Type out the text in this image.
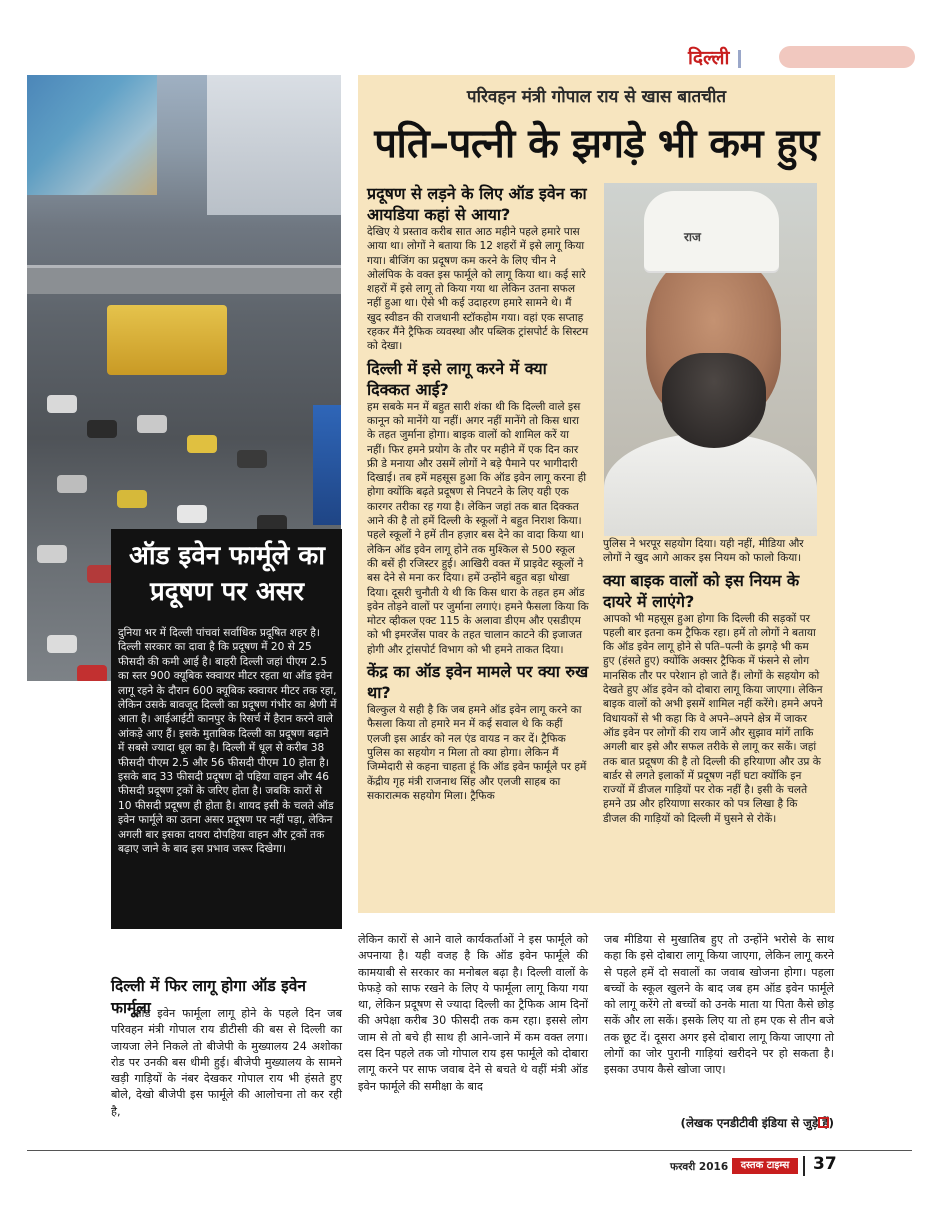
दिल्ली
परिवहन मंत्री गोपाल राय से खास बातचीत
पति–पत्नी के झगड़े भी कम हुए
राज

प्रदूषण से लड़ने के लिए ऑड इवेन का आयडिया कहां से आया?

देखिए ये प्रस्ताव करीब सात आठ महीने पहले हमारे पास आया था। लोगों ने बताया कि 12 शहरों में इसे लागू किया गया। बीजिंग का प्रदूषण कम करने के लिए चीन ने ओलंपिक के वक्त इस फार्मूले को लागू किया था। कई सारे शहरों में इसे लागू तो किया गया था लेकिन उतना सफल नहीं हुआ था। ऐसे भी कई उदाहरण हमारे सामने थे। मैं खुद स्वीडन की राजधानी स्टॉकहोम गया। वहां एक सप्ताह रहकर मैंने ट्रैफिक व्यवस्था और पब्लिक ट्रांसपोर्ट के सिस्टम को देखा।

दिल्ली में इसे लागू करने में क्या दिक्कत आई?

हम सबके मन में बहुत सारी शंका थी कि दिल्ली वाले इस कानून को मानेंगे या नहीं। अगर नहीं मानेंगे तो किस धारा के तहत जुर्माना होगा। बाइक वालों को शामिल करें या नहीं। फिर हमने प्रयोग के तौर पर महीने में एक दिन कार फ्री डे मनाया और उसमें लोगों ने बड़े पैमाने पर भागीदारी दिखाई। तब हमें महसूस हुआ कि ऑड इवेन लागू करना ही होगा क्योंकि बढ़ते प्रदूषण से निपटने के लिए यही एक कारगर तरीका रह गया है। लेकिन जहां तक बात दिक्कत आने की है तो हमें दिल्ली के स्कूलों ने बहुत निराश किया। पहले स्कूलों ने हमें तीन हज़ार बस देने का वादा किया था। लेकिन ऑड इवेन लागू होने तक मुश्किल से 500 स्कूल की बसें ही रजिस्टर हुई। आखिरी वक्त में प्राइवेट स्कूलों ने बस देने से मना कर दिया। हमें उन्होंने बहुत बड़ा धोखा दिया। दूसरी चुनौती ये थी कि किस धारा के तहत हम ऑड इवेन तोड़ने वालों पर जुर्माना लगाएं। हमने फैसला किया कि मोटर व्हीकल एक्ट 115 के अलावा डीएम और एसडीएम को भी इमरजेंस पावर के तहत चालान काटने की इजाजत होगी और ट्रांसपोर्ट विभाग को भी हमने ताकत दिया।

केंद्र का ऑड इवेन मामले पर क्या रुख था?

बिल्कुल ये सही है कि जब हमने ऑड इवेन लागू करने का फैसला किया तो हमारे मन में कई सवाल थे कि कहीं एलजी इस आर्डर को नल एंड वायड न कर दें। ट्रैफिक पुलिस का सहयोग न मिला तो क्या होगा। लेकिन मैं जिम्मेदारी से कहना चाहता हूं कि ऑड इवेन फार्मूले पर हमें केंद्रीय गृह मंत्री राजनाथ सिंह और एलजी साहब का सकारात्मक सहयोग मिला। ट्रैफिक

पुलिस ने भरपूर सहयोग दिया। यही नहीं, मीडिया और लोगों ने खुद आगे आकर इस नियम को फालो किया।

क्या बाइक वालों को इस नियम के दायरे में लाएंगे?

आपको भी महसूस हुआ होगा कि दिल्ली की सड़कों पर पहली बार इतना कम ट्रैफिक रहा। हमें तो लोगों ने बताया कि ऑड इवेन लागू होने से पति–पत्नी के झगड़े भी कम हुए (हंसते हुए) क्योंकि अक्सर ट्रैफिक में फंसने से लोग मानसिक तौर पर परेशान हो जाते हैं। लोगों के सहयोग को देखते हुए ऑड इवेन को दोबारा लागू किया जाएगा। लेकिन बाइक वालों को अभी इसमें शामिल नहीं करेंगे। हमने अपने विधायकों से भी कहा कि वे अपने–अपने क्षेत्र में जाकर ऑड इवेन पर लोगों की राय जानें और सुझाव मांगें ताकि अगली बार इसे और सफल तरीके से लागू कर सकें। जहां तक बात प्रदूषण की है तो दिल्ली की हरियाणा और उप्र के बार्डर से लगते इलाकों में प्रदूषण नहीं घटा क्योंकि इन राज्यों में डीजल गाड़ियों पर रोक नहीं है। इसी के चलते हमने उप्र और हरियाणा सरकार को पत्र लिखा है कि डीजल की गाड़ियों को दिल्ली में घुसने से रोकें।

ऑड इवेन फार्मूले का प्रदूषण पर असर
दुनिया भर में दिल्ली पांचवां सर्वाधिक प्रदूषित शहर है। दिल्ली सरकार का दावा है कि प्रदूषण में 20 से 25 फीसदी की कमी आई है। बाहरी दिल्ली जहां पीएम 2.5 का स्तर 900 क्यूबिक स्क्वायर मीटर रहता था ऑड इवेन लागू रहने के दौरान 600 क्यूबिक स्क्वायर मीटर तक रहा, लेकिन उसके बावजूद दिल्ली का प्रदूषण गंभीर का श्रेणी में आता है। आईआईटी कानपुर के रिसर्च में हैरान करने वाले आंकड़े आए हैं। इसके मुताबिक दिल्ली का प्रदूषण बढ़ाने में सबसे ज्यादा धूल का है। दिल्ली में धूल से करीब 38 फीसदी पीएम 2.5 और 56 फीसदी पीएम 10 होता है। इसके बाद 33 फीसदी प्रदूषण दो पहिया वाहन और 46 फीसदी प्रदूषण ट्रकों के जरिए होता है। जबकि कारों से 10 फीसदी प्रदूषण ही होता है। शायद इसी के चलते ऑड इवेन फार्मूले का उतना असर प्रदूषण पर नहीं पड़ा, लेकिन अगली बार इसका दायरा दोपहिया वाहन और ट्रकों तक बढ़ाए जाने के बाद इस प्रभाव जरूर दिखेगा।
दिल्ली में फिर लागू होगा ऑड इवेन फार्मूला
ऑड इवेन फार्मूला लागू होने के पहले दिन जब परिवहन मंत्री गोपाल राय डीटीसी की बस से दिल्ली का जायजा लेने निकले तो बीजेपी के मुख्यालय 24 अशोका रोड पर उनकी बस धीमी हुई। बीजेपी मुख्यालय के सामने खड़ी गाड़ियों के नंबर देखकर गोपाल राय भी हंसते हुए बोले, देखो बीजेपी इस फार्मूले की आलोचना तो कर रही है,
लेकिन कारों से आने वाले कार्यकर्ताओं ने इस फार्मूले को अपनाया है। यही वजह है कि ऑड इवेन फार्मूले की कामयाबी से सरकार का मनोबल बढ़ा है। दिल्ली वालों के फेफड़े को साफ रखने के लिए ये फार्मूला लागू किया गया था, लेकिन प्रदूषण से ज्यादा दिल्ली का ट्रैफिक आम दिनों की अपेक्षा करीब 30 फीसदी तक कम रहा। इससे लोग जाम से तो बचे ही साथ ही आने-जाने में कम वक्त लगा। दस दिन पहले तक जो गोपाल राय इस फार्मूले को दोबारा लागू करने पर साफ जवाब देने से बचते थे वहीं मंत्री ऑड इवेन फार्मूले की समीक्षा के बाद
जब मीडिया से मुखातिब हुए तो उन्होंने भरोसे के साथ कहा कि इसे दोबारा लागू किया जाएगा, लेकिन लागू करने से पहले हमें दो सवालों का जवाब खोजना होगा। पहला बच्चों के स्कूल खुलने के बाद जब हम ऑड इवेन फार्मूले को लागू करेंगे तो बच्चों को उनके माता या पिता कैसे छोड़ सकें और ला सकें। इसके लिए या तो हम एक से तीन बजे तक छूट दें। दूसरा अगर इसे दोबारा लागू किया जाएगा तो लोगों का जोर पुरानी गाड़ियां खरीदने पर हो सकता है। इसका उपाय कैसे खोजा जाए।
(लेखक एनडीटीवी इंडिया से जुड़े हैं)
फरवरी 2016	दस्तक टाइम्स	37
